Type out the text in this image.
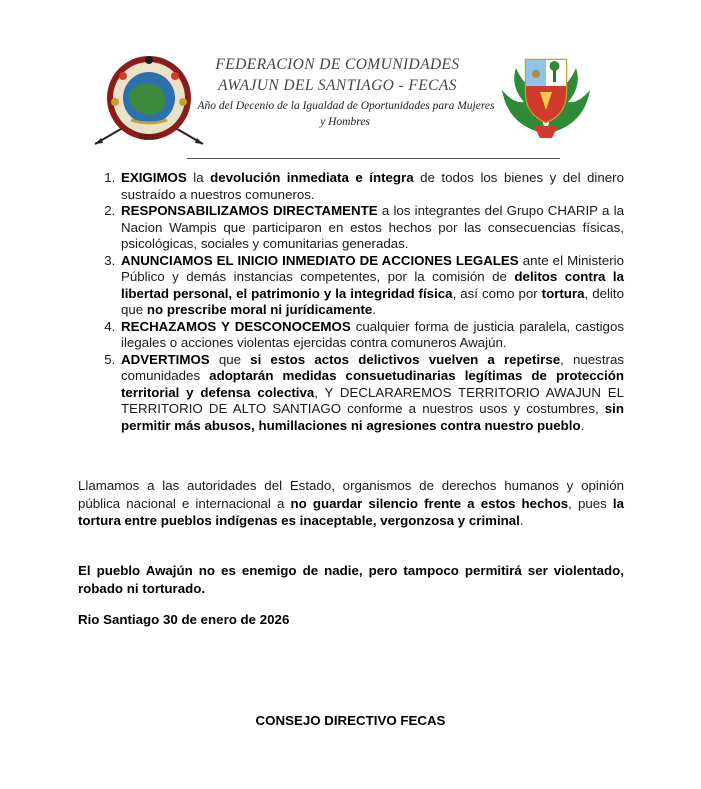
FECAS
FEDERACION DE COMUNIDADES
AWAJUN DEL SANTIAGO - FECAS
Año del Decenio de la Igualdad de Oportunidades para Mujeres
y Hombres
1. EXIGIMOS la devolución inmediata e íntegra de todos los bienes y del dinero sustraído a nuestros comuneros.
2. RESPONSABILIZAMOS DIRECTAMENTE a los integrantes del Grupo CHARIP a la Nacion Wampis que participaron en estos hechos por las consecuencias físicas, psicológicas, sociales y comunitarias generadas.
3. ANUNCIAMOS EL INICIO INMEDIATO DE ACCIONES LEGALES ante el Ministerio Público y demás instancias competentes, por la comisión de delitos contra la libertad personal, el patrimonio y la integridad física, así como por tortura, delito que no prescribe moral ni jurídicamente.
4. RECHAZAMOS Y DESCONOCEMOS cualquier forma de justicia paralela, castigos ilegales o acciones violentas ejercidas contra comuneros Awajún.
5. ADVERTIMOS que si estos actos delictivos vuelven a repetirse, nuestras comunidades adoptarán medidas consuetudinarias legítimas de protección territorial y defensa colectiva, Y DECLARAREMOS TERRITORIO AWAJUN EL TERRITORIO DE ALTO SANTIAGO conforme a nuestros usos y costumbres, sin permitir más abusos, humillaciones ni agresiones contra nuestro pueblo.

Llamamos a las autoridades del Estado, organismos de derechos humanos y opinión pública nacional e internacional a no guardar silencio frente a estos hechos, pues la tortura entre pueblos indígenas es inaceptable, vergonzosa y criminal.

El pueblo Awajún no es enemigo de nadie, pero tampoco permitirá ser violentado, robado ni torturado.

Rio Santiago 30 de enero de 2026
CONSEJO DIRECTIVO FECAS
